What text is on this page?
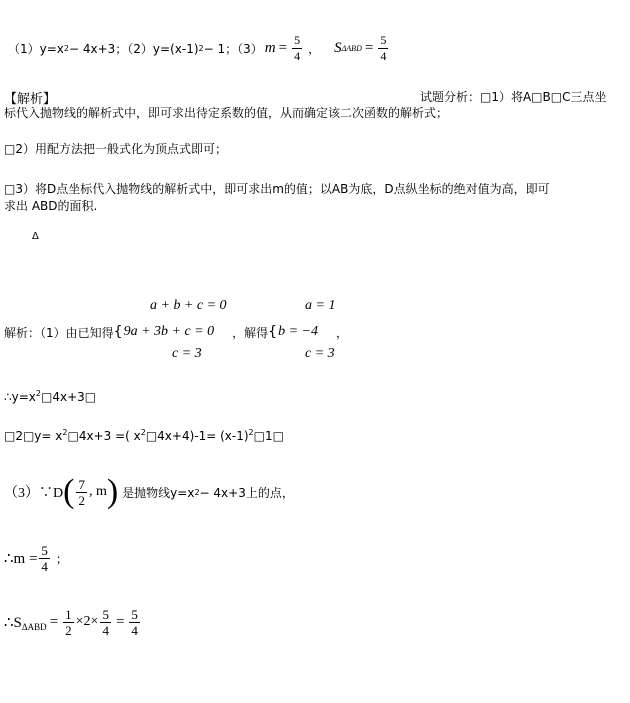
（1）y=x 2 − 4x+3；（2）y=(x-1) 2 − 1；（3） $m = \frac{5}{4}$ ， S $\Delta ABD = \frac{5}{4}$
【解析】	试题分析：□1）将A□B□C三点坐
标代入抛物线的解析式中，即可求出待定系数的值，从而确定该二次函数的解析式；
□2）用配方法把一般式化为顶点式即可；
□3）将D点坐标代入抛物线的解析式中，即可求出m的值；以AB为底，D点纵坐标的绝对值为高，即可
求出 ABD的面积.
Δ
a + b + c = 0	a = 1
解析：（1）由已知得 { 9a + 3b + c = 0 ，解得 { b = −4 ，
c = 3	c = 3
$\therefore y=x^2□4x+3□$
□2□y= $x^2□4x+3$ =( $x^2□4x+4)-1=$ $(x-1)^2□1□$
（3）∵D ( $\frac{7}{2}$ , m ) 是抛物线y=x 2 − 4x+3上的点，
∴m = $\frac{5}{4}$ ；
$\therefore S_{\Delta ABD} = \frac{1}{2} \times 2\times \frac{5}{4} = \frac{5}{4}$
